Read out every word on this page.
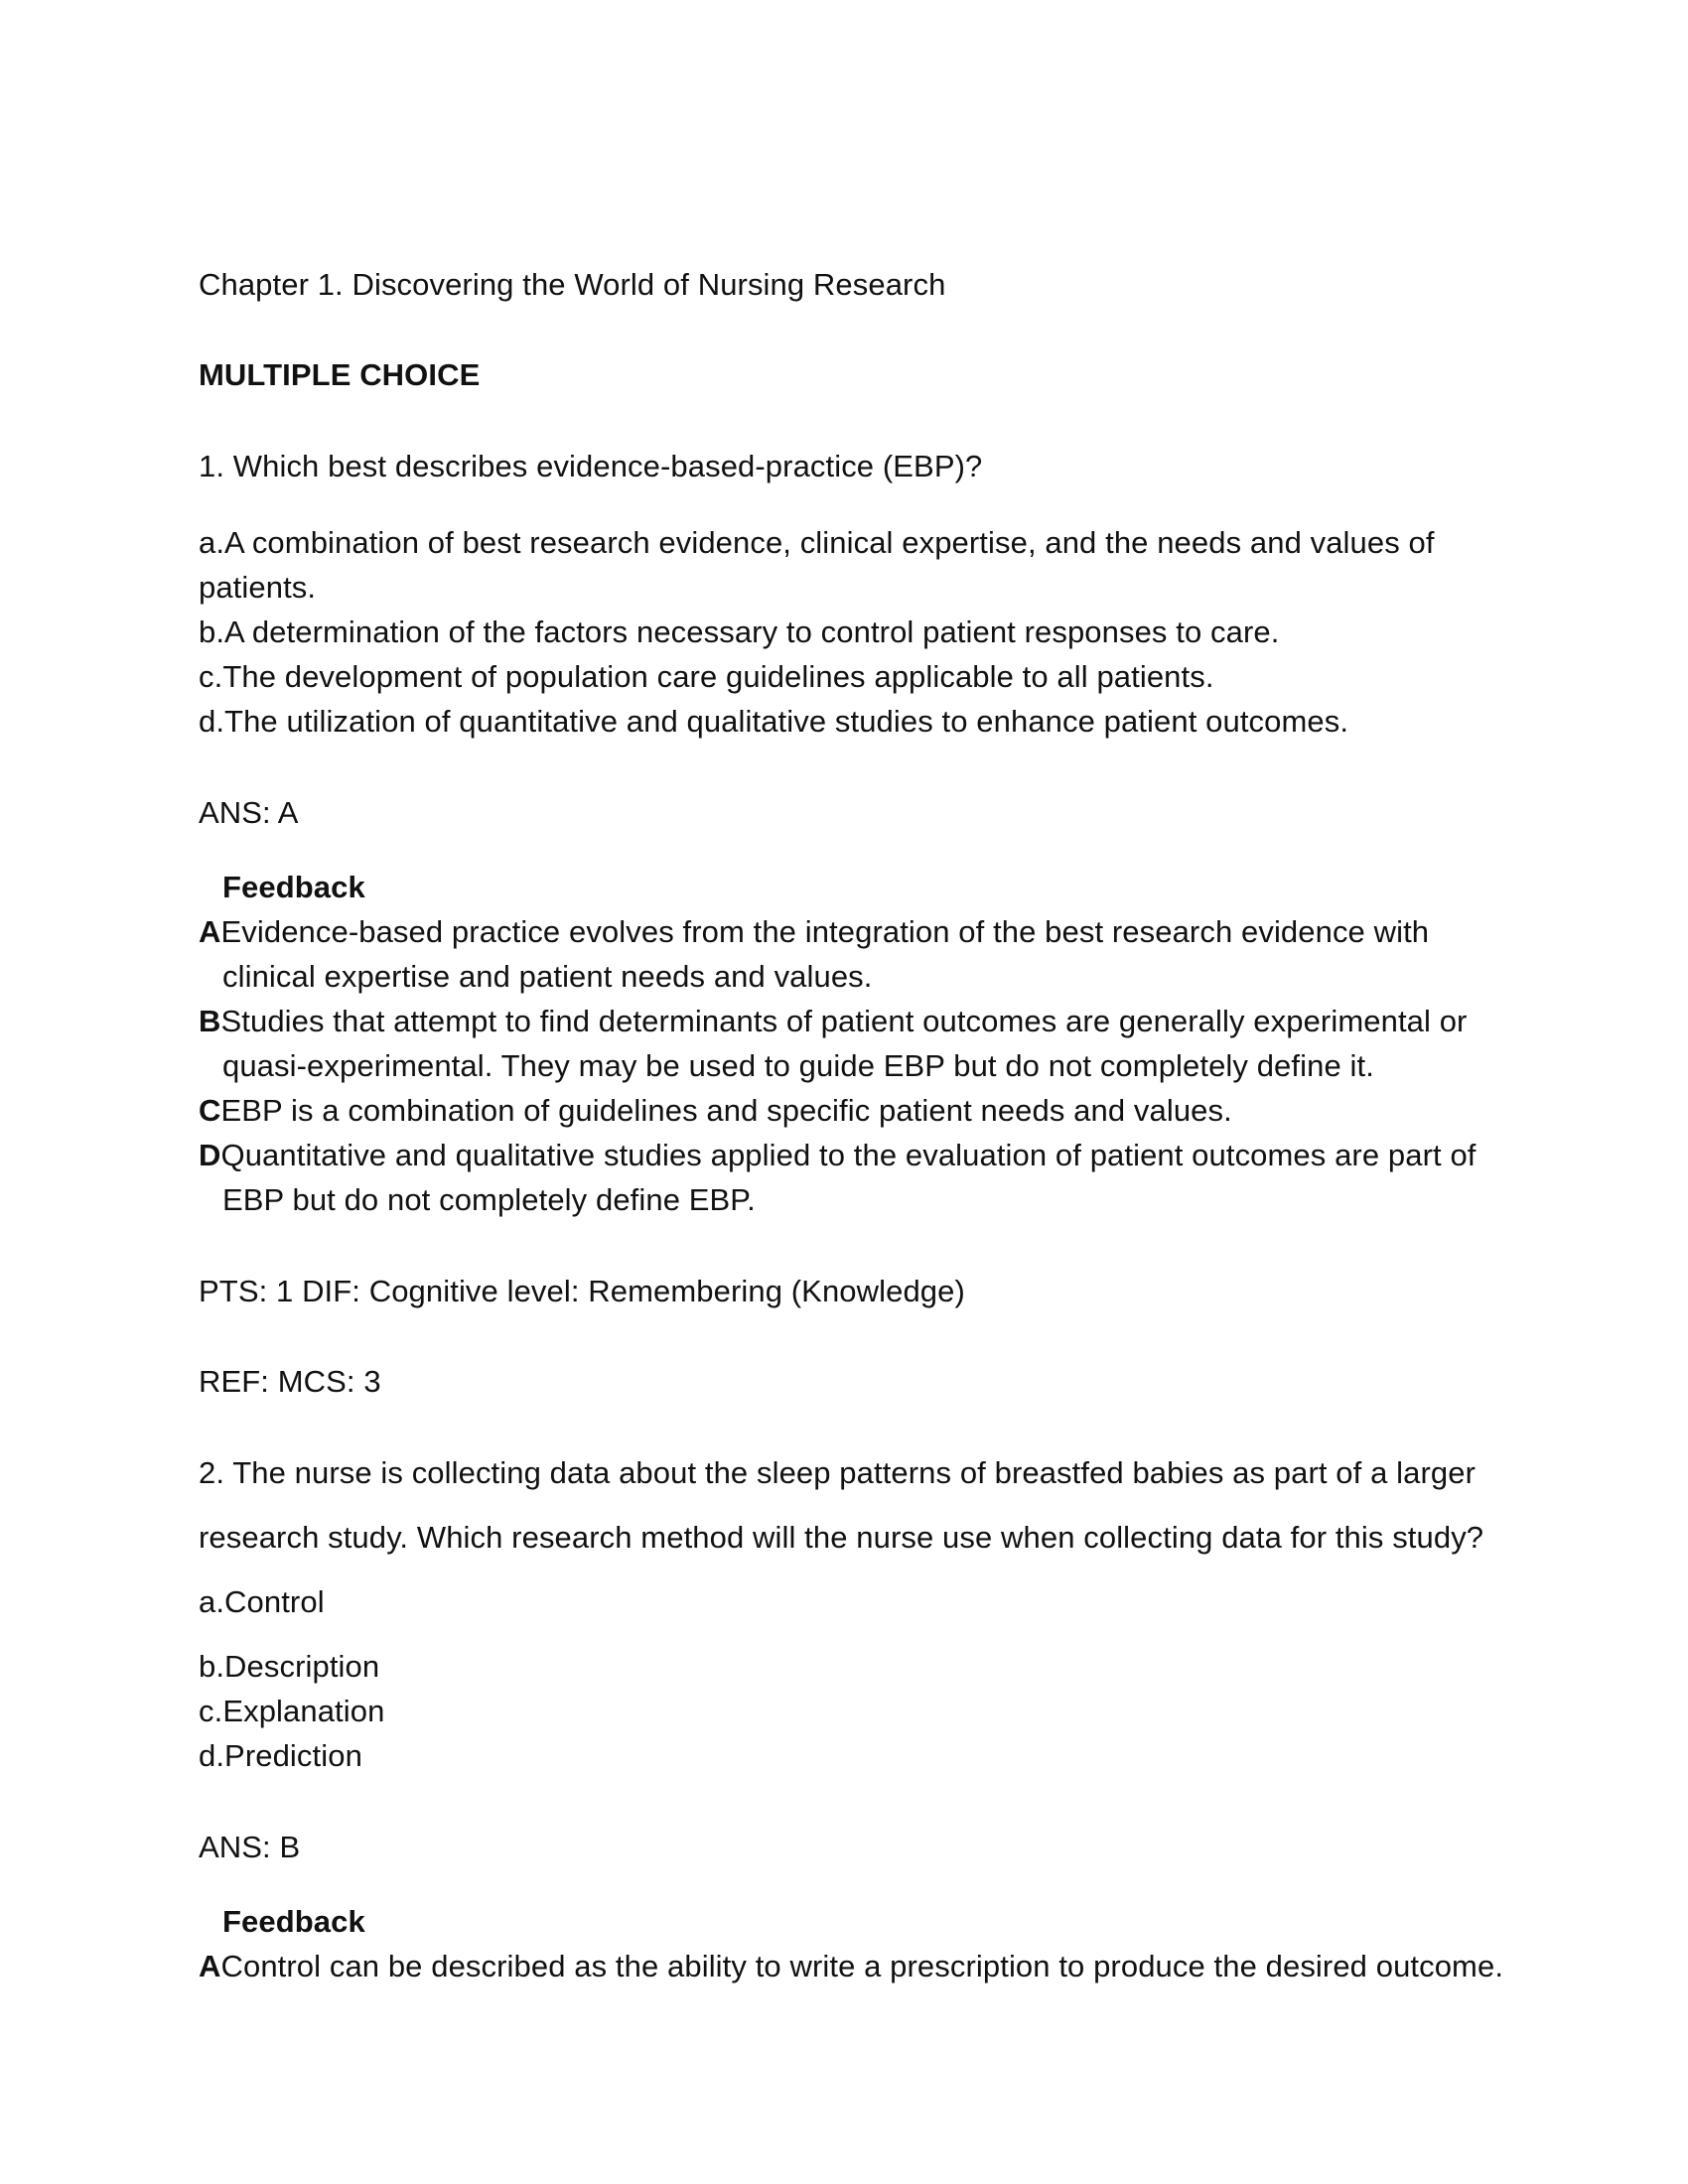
Chapter 1. Discovering the World of Nursing Research
MULTIPLE CHOICE
1. Which best describes evidence-based-practice (EBP)?
a.A combination of best research evidence, clinical expertise, and the needs and values of
patients.
b.A determination of the factors necessary to control patient responses to care.
c.The development of population care guidelines applicable to all patients.
d.The utilization of quantitative and qualitative studies to enhance patient outcomes.
ANS: A
Feedback
AEvidence-based practice evolves from the integration of the best research evidence with
clinical expertise and patient needs and values.
BStudies that attempt to find determinants of patient outcomes are generally experimental or
quasi-experimental. They may be used to guide EBP but do not completely define it.
CEBP is a combination of guidelines and specific patient needs and values.
DQuantitative and qualitative studies applied to the evaluation of patient outcomes are part of
EBP but do not completely define EBP.
PTS: 1 DIF: Cognitive level: Remembering (Knowledge)
REF: MCS: 3
2. The nurse is collecting data about the sleep patterns of breastfed babies as part of a larger
research study. Which research method will the nurse use when collecting data for this study?
a.Control
b.Description
c.Explanation
d.Prediction
ANS: B
Feedback
AControl can be described as the ability to write a prescription to produce the desired outcome.
